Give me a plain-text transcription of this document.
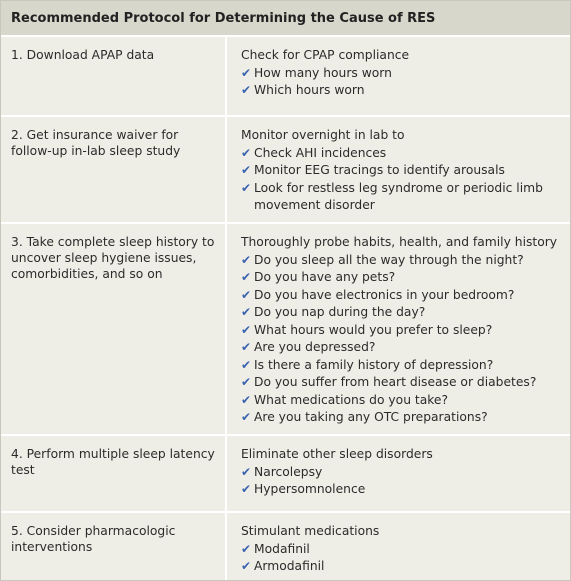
Recommended Protocol for Determining the Cause of RES
1. Download APAP data	Check for CPAP compliance
✔ How many hours worn
✔ Which hours worn
2. Get insurance waiver for follow-up in-lab sleep study
Monitor overnight in lab to
✔ Check AHI incidences
✔ Monitor EEG tracings to identify arousals
✔ Look for restless leg syndrome or periodic limb movement disorder
3. Take complete sleep history to uncover sleep hygiene issues, comorbidities, and so on
Thoroughly probe habits, health, and family history
✔ Do you sleep all the way through the night?
✔ Do you have any pets?
✔ Do you have electronics in your bedroom?
✔ Do you nap during the day?
✔ What hours would you prefer to sleep?
✔ Are you depressed?
✔ Is there a family history of depression?
✔ Do you suffer from heart disease or diabetes?
✔ What medications do you take?
✔ Are you taking any OTC preparations?
4. Perform multiple sleep latency test
Eliminate other sleep disorders
✔ Narcolepsy
✔ Hypersomnolence
5. Consider pharmacologic interventions
Stimulant medications
✔ Modafinil
✔ Armodafinil
